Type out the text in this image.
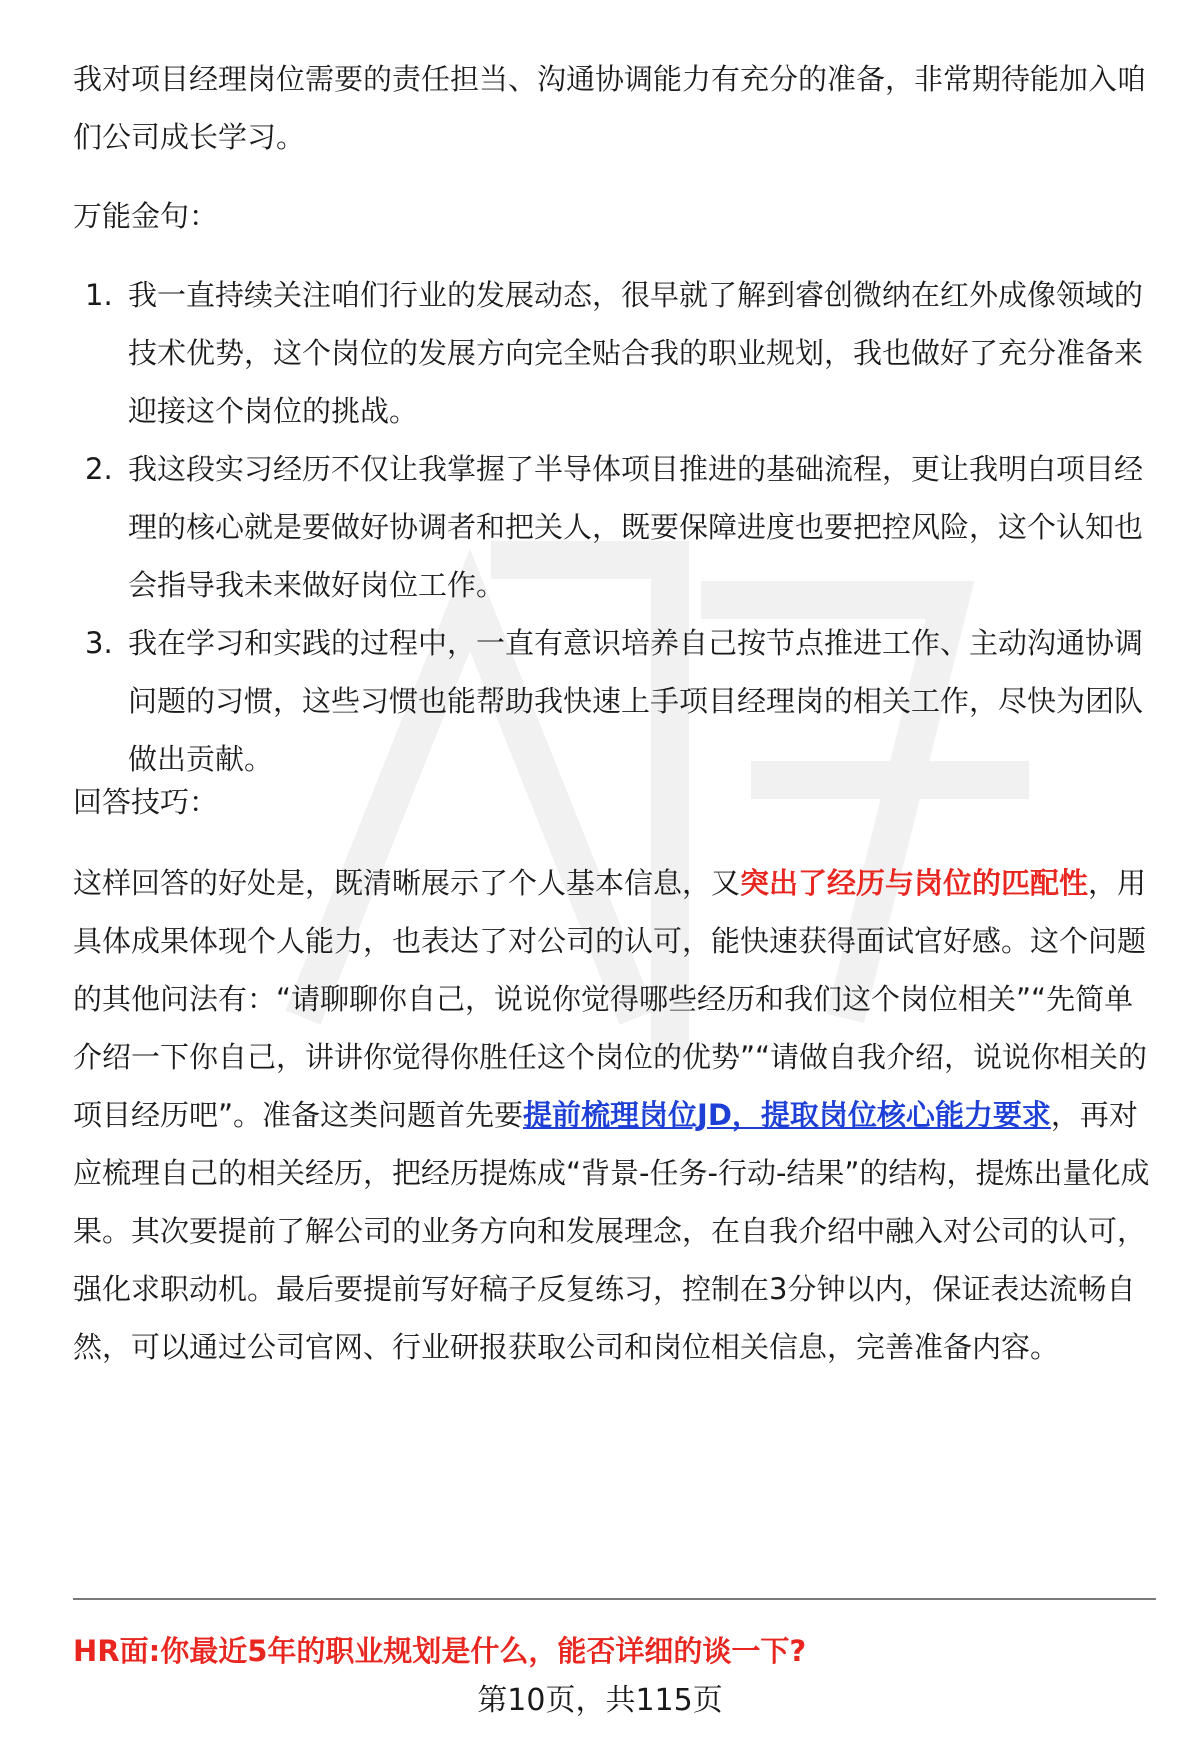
我对项目经理岗位需要的责任担当、沟通协调能力有充分的准备，非常期待能加入咱们公司成长学习。

万能金句：

1. 我一直持续关注咱们行业的发展动态，很早就了解到睿创微纳在红外成像领域的技术优势，这个岗位的发展方向完全贴合我的职业规划，我也做好了充分准备来迎接这个岗位的挑战。
2. 我这段实习经历不仅让我掌握了半导体项目推进的基础流程，更让我明白项目经理的核心就是要做好协调者和把关人，既要保障进度也要把控风险，这个认知也会指导我未来做好岗位工作。
3. 我在学习和实践的过程中，一直有意识培养自己按节点推进工作、主动沟通协调问题的习惯，这些习惯也能帮助我快速上手项目经理岗的相关工作，尽快为团队做出贡献。

回答技巧：

这样回答的好处是，既清晰展示了个人基本信息，又突出了经历与岗位的匹配性，用具体成果体现个人能力，也表达了对公司的认可，能快速获得面试官好感。这个问题的其他问法有：“请聊聊你自己，说说你觉得哪些经历和我们这个岗位相关”“先简单介绍一下你自己，讲讲你觉得你胜任这个岗位的优势”“请做自我介绍，说说你相关的项目经历吧”。准备这类问题首先要提前梳理岗位JD，提取岗位核心能力要求，再对应梳理自己的相关经历，把经历提炼成“背景-任务-行动-结果”的结构，提炼出量化成果。其次要提前了解公司的业务方向和发展理念，在自我介绍中融入对公司的认可，强化求职动机。最后要提前写好稿子反复练习，控制在3分钟以内，保证表达流畅自然，可以通过公司官网、行业研报获取公司和岗位相关信息，完善准备内容。

HR面:你最近5年的职业规划是什么，能否详细的谈一下?

第10页，共115页
